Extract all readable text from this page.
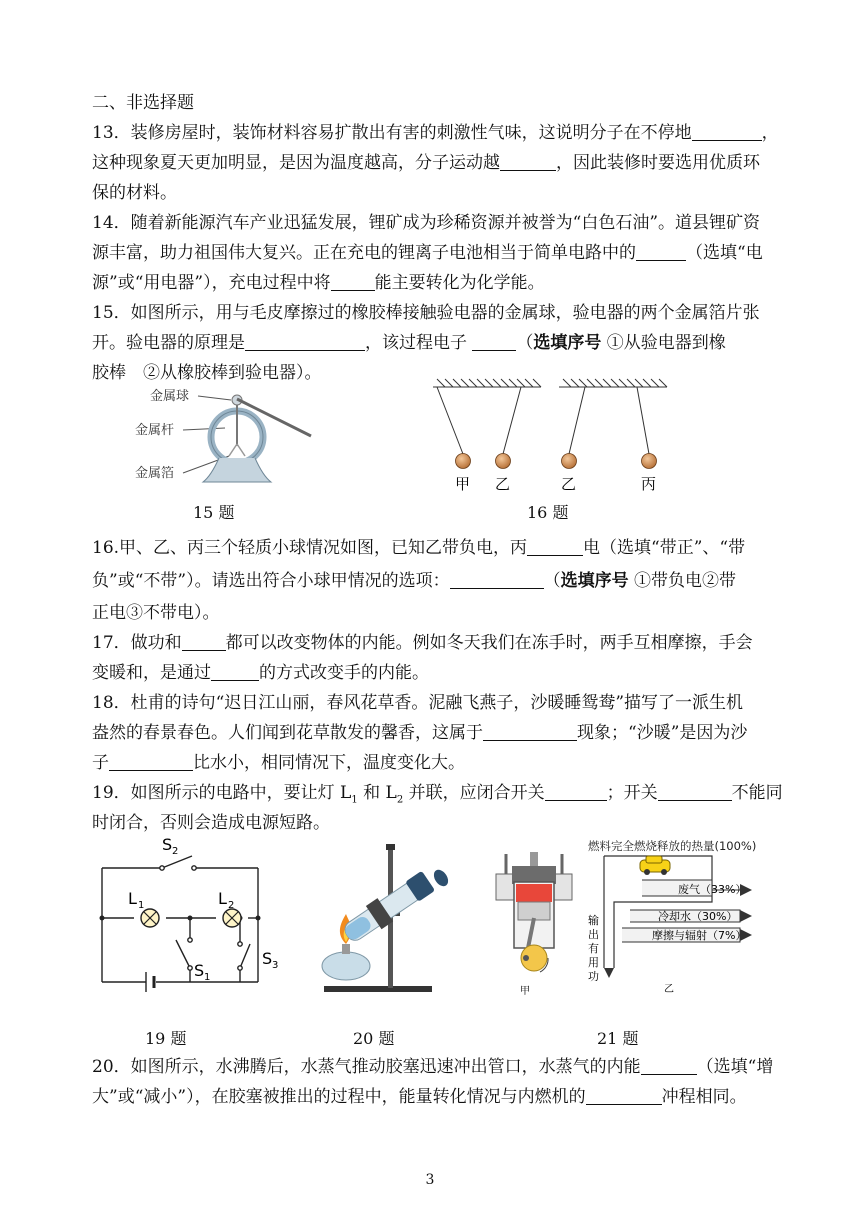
二、非选择题
13．装修房屋时，装饰材料容易扩散出有害的刺激性气味，这说明分子在不停地	，
这种现象夏天更加明显，是因为温度越高，分子运动越	，因此装修时要选用优质环
保的材料。
14．随着新能源汽车产业迅猛发展，锂矿成为珍稀资源并被誉为“白色石油”。道县锂矿资
源丰富，助力祖国伟大复兴。正在充电的锂离子电池相当于简单电路中的	（选填“电
源”或“用电器”），充电过程中将	能主要转化为化学能。
15．如图所示，用与毛皮摩擦过的橡胶棒接触验电器的金属球，验电器的两个金属箔片张
开。验电器的原理是	，该过程电子	（选填序号 ①从验电器到橡
胶棒　②从橡胶棒到验电器）。
金属球
金属杆
金属箔
15 题
甲 乙	乙	丙
16 题
16.甲、乙、丙三个轻质小球情况如图，已知乙带负电，丙	电（选填“带正”、“带
负”或“不带”）。请选出符合小球甲情况的选项：	（选填序号 ①带负电②带
正电③不带电）。
17．做功和	都可以改变物体的内能。例如冬天我们在冻手时，两手互相摩擦，手会
变暖和，是通过	的方式改变手的内能。
18．杜甫的诗句“迟日江山丽，春风花草香。泥融飞燕子，沙暖睡鸳鸯”描写了一派生机
盎然的春景春色。人们闻到花草散发的馨香，这属于	现象；“沙暖”是因为沙
子	比水小，相同情况下，温度变化大。
19．如图所示的电路中，要让灯 $L_1$ 和 $L_2$ 并联，应闭合开关	；开关	不能同
时闭合，否则会造成电源短路。
S 2
L 1	L 2
S 1
S 3
19 题	20 题
甲
燃料完全燃烧释放的热量(100%)
废气（33%）
冷却水（30%）
摩擦与辐射（7%）
输
出
有
用
功
乙
21 题
20．如图所示，水沸腾后，水蒸气推动胶塞迅速冲出管口，水蒸气的内能	（选填“增
大”或“减小”），在胶塞被推出的过程中，能量转化情况与内燃机的	冲程相同。
3
